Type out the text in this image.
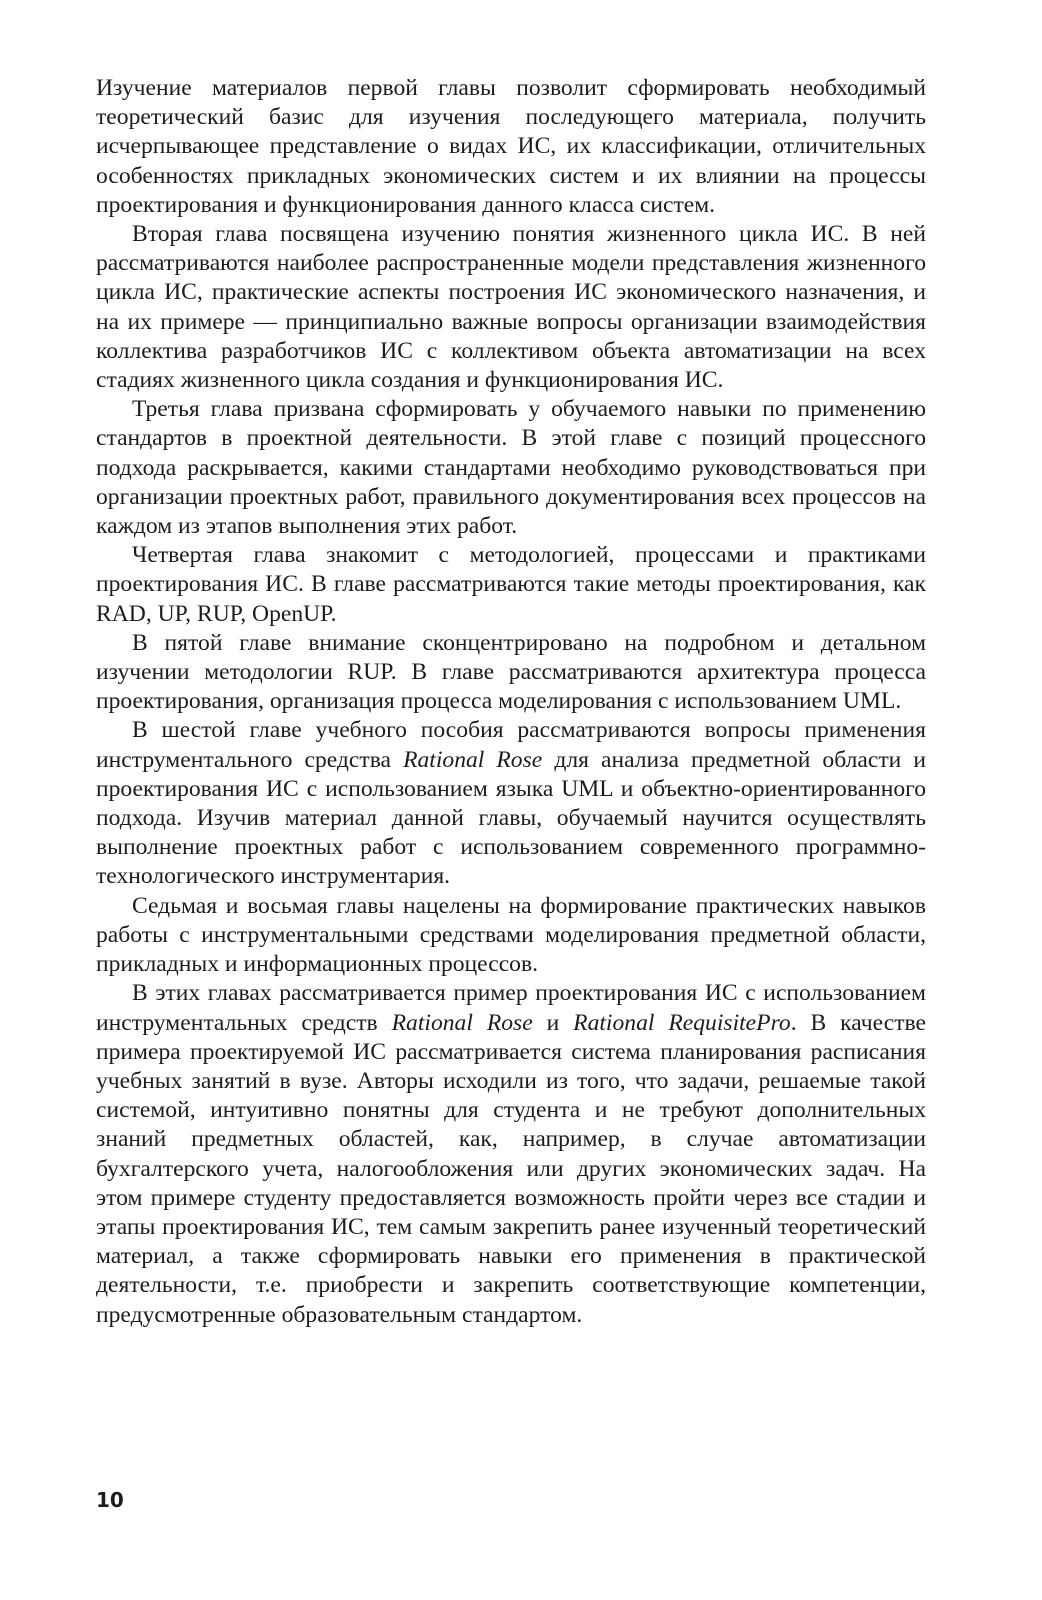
Изучение материалов первой главы позволит сформировать необходимый теоретический базис для изучения последующего материала, получить исчерпывающее представление о видах ИС, их классификации, отличительных особенностях прикладных экономических систем и их влиянии на процессы проектирования и функционирования данного класса систем.

Вторая глава посвящена изучению понятия жизненного цикла ИС. В ней рассматриваются наиболее распространенные модели представления жизненного цикла ИС, практические аспекты построения ИС экономического назначения, и на их примере — принципиально важные вопросы организации взаимодействия коллектива разработчиков ИС с коллективом объекта автоматизации на всех стадиях жизненного цикла создания и функционирования ИС.

Третья глава призвана сформировать у обучаемого навыки по применению стандартов в проектной деятельности. В этой главе с позиций процессного подхода раскрывается, какими стандартами необходимо руководствоваться при организации проектных работ, правильного документирования всех процессов на каждом из этапов выполнения этих работ.

Четвертая глава знакомит с методологией, процессами и практиками проектирования ИС. В главе рассматриваются такие методы проектирования, как RAD, UP, RUP, OpenUP.

В пятой главе внимание сконцентрировано на подробном и детальном изучении методологии RUP. В главе рассматриваются архитектура процесса проектирования, организация процесса моделирования с использованием UML.

В шестой главе учебного пособия рассматриваются вопросы применения инструментального средства Rational Rose для анализа предметной области и проектирования ИС с использованием языка UML и объектно-ориентированного подхода. Изучив материал данной главы, обучаемый научится осуществлять выполнение проектных работ с использованием современного программно-технологического инструментария.

Седьмая и восьмая главы нацелены на формирование практических навыков работы с инструментальными средствами моделирования предметной области, прикладных и информационных процессов.

В этих главах рассматривается пример проектирования ИС с использованием инструментальных средств Rational Rose и Rational RequisitePro. В качестве примера проектируемой ИС рассматривается система планирования расписания учебных занятий в вузе. Авторы исходили из того, что задачи, решаемые такой системой, интуитивно понятны для студента и не требуют дополнительных знаний предметных областей, как, например, в случае автоматизации бухгалтерского учета, налогообложения или других экономических задач. На этом примере студенту предоставляется возможность пройти через все стадии и этапы проектирования ИС, тем самым закрепить ранее изученный теоретический материал, а также сформировать навыки его применения в практической деятельности, т.е. приобрести и закрепить соответствующие компетенции, предусмотренные образовательным стандартом.

10
